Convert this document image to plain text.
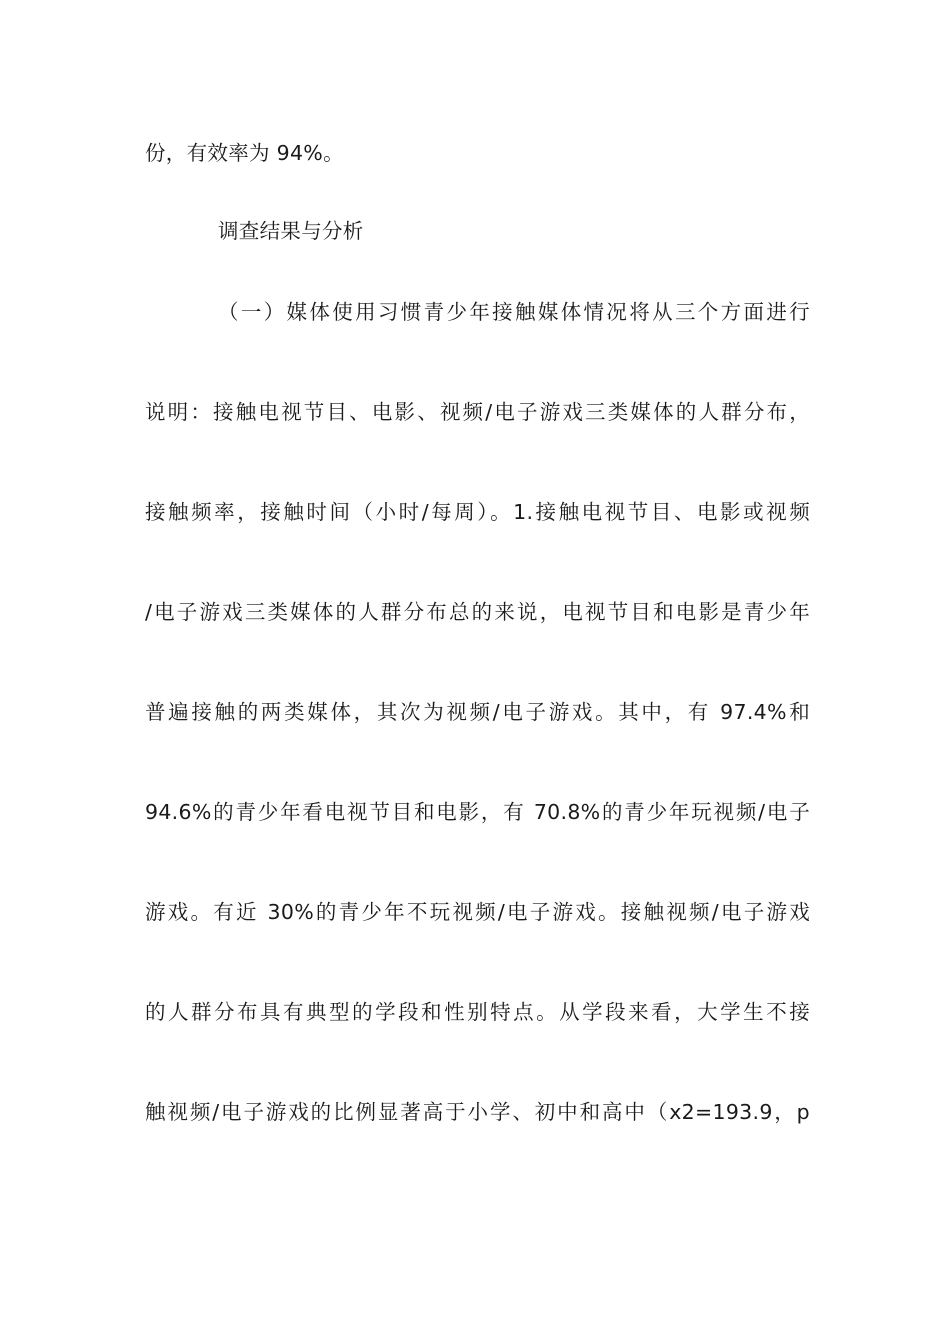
份，有效率为 94%。
调查结果与分析
（一）媒体使用习惯青少年接触媒体情况将从三个方面进行
说明：接触电视节目、电影、视频/电子游戏三类媒体的人群分布，
接触频率，接触时间（小时/每周）。1.接触电视节目、电影或视频
/电子游戏三类媒体的人群分布总的来说，电视节目和电影是青少年
普遍接触的两类媒体，其次为视频/电子游戏。其中，有 97.4%和
94.6%的青少年看电视节目和电影，有 70.8%的青少年玩视频/电子
游戏。有近 30%的青少年不玩视频/电子游戏。接触视频/电子游戏
的人群分布具有典型的学段和性别特点。从学段来看，大学生不接
触视频/电子游戏的比例显著高于小学、初中和高中（x2=193.9，p
